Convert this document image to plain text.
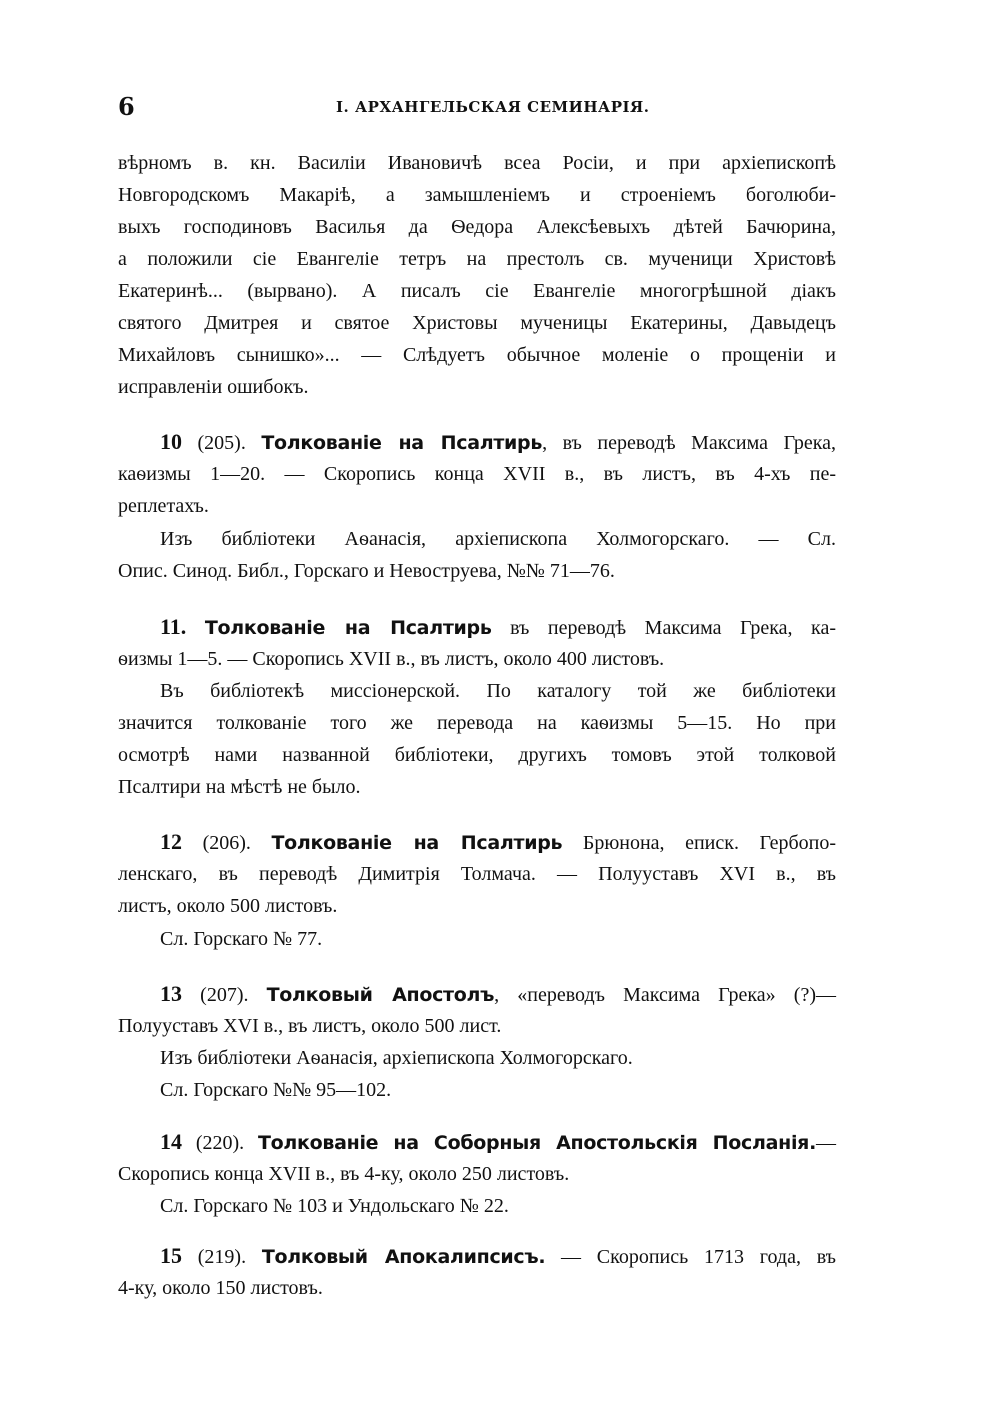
6	I. АРХАНГЕЛЬСКАЯ СЕМИНАРІЯ.
вѣрномъ в. кн. Василіи Ивановичѣ всеа Росіи, и при архіепископѣ
Новгородскомъ Макаріѣ, а замышленіемъ и строеніемъ боголюби-
выхъ господиновъ Василья да Ѳедора Алексѣевыхъ дѣтей Бачюрина,
а положили сіе Евангеліе тетръ на престолъ св. мученици Христовѣ
Екатеринѣ... (вырвано). А писалъ сіе Евангеліе многогрѣшной діакъ
святого Дмитрея и святое Христовы мученицы Екатерины, Давыдецъ
Михайловъ сынишко»... — Слѣдуетъ обычное моленіе о прощеніи и
исправленіи ошибокъ.
10 (205). Толкованіе на Псалтирь, въ переводѣ Максима Грека,
каѳизмы 1—20. — Скоропись конца XVII в., въ листъ, въ 4-хъ пе-
реплетахъ.
Изъ библіотеки Аѳанасія, архіепископа Холмогорскаго. — Сл.
Опис. Синод. Библ., Горскаго и Невоструева, №№ 71—76.
11. Толкованіе на Псалтирь въ переводѣ Максима Грека, ка-
ѳизмы 1—5. — Скоропись XVII в., въ листъ, около 400 листовъ.
Въ библіотекѣ миссіонерской. По каталогу той же библіотеки
значится толкованіе того же перевода на каѳизмы 5—15. Но при
осмотрѣ нами названной библіотеки, другихъ томовъ этой толковой
Псалтири на мѣстѣ не было.
12 (206). Толкованіе на Псалтирь Брюнона, еписк. Гербопо-
ленскаго, въ переводѣ Димитрія Толмача. — Полууставъ XVI в., въ
листъ, около 500 листовъ.
Сл. Горскаго № 77.
13 (207). Толковый Апостолъ, «переводъ Максима Грека» (?)—
Полууставъ XVI в., въ листъ, около 500 лист.
Изъ библіотеки Аѳанасія, архіепископа Холмогорскаго.
Сл. Горскаго №№ 95—102.
14 (220). Толкованіе на Соборныя Апостольскія Посланія.—
Скоропись конца XVII в., въ 4-ку, около 250 листовъ.
Сл. Горскаго № 103 и Ундольскаго № 22.
15 (219). Толковый Апокалипсисъ. — Скоропись 1713 года, въ
4-ку, около 150 листовъ.
